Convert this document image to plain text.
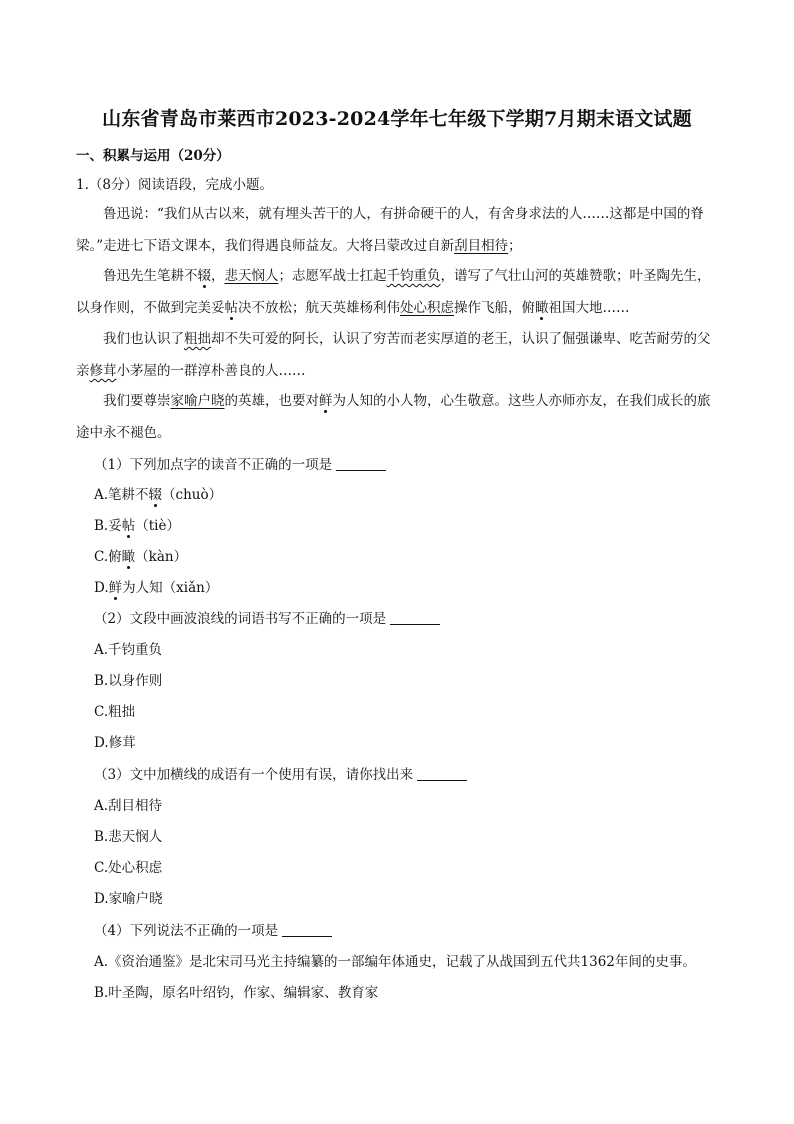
山东省青岛市莱西市2023-2024学年七年级下学期7月期末语文试题
一、积累与运用（20分）
1.（8分）阅读语段，完成小题。
鲁迅说：“我们从古以来，就有埋头苦干的人，有拼命硬干的人，有舍身求法的人……这都是中国的脊梁。”走进七下语文课本，我们得遇良师益友。大将吕蒙改过自新刮目相待；
鲁迅先生笔耕不辍，悲天悯人；志愿军战士扛起千钧重负，谱写了气壮山河的英雄赞歌；叶圣陶先生，以身作则，不做到完美妥帖决不放松；航天英雄杨利伟处心积虑操作飞船，俯瞰祖国大地……
我们也认识了粗拙却不失可爱的阿长，认识了穷苦而老实厚道的老王，认识了倔强谦卑、吃苦耐劳的父亲修茸小茅屋的一群淳朴善良的人……
我们要尊崇家喻户晓的英雄，也要对鲜为人知的小人物，心生敬意。这些人亦师亦友，在我们成长的旅途中永不褪色。
（1）下列加点字的读音不正确的一项是
A.笔耕不辍（chuò）
B.妥帖（tiè）
C.俯瞰（kàn）
D.鲜为人知（xiǎn）
（2）文段中画波浪线的词语书写不正确的一项是
A.千钧重负
B.以身作则
C.粗拙
D.修茸
（3）文中加横线的成语有一个使用有误，请你找出来
A.刮目相待
B.悲天悯人
C.处心积虑
D.家喻户晓
（4）下列说法不正确的一项是
A.《资治通鉴》是北宋司马光主持编纂的一部编年体通史，记载了从战国到五代共1362年间的史事。
B.叶圣陶，原名叶绍钧，作家、编辑家、教育家
